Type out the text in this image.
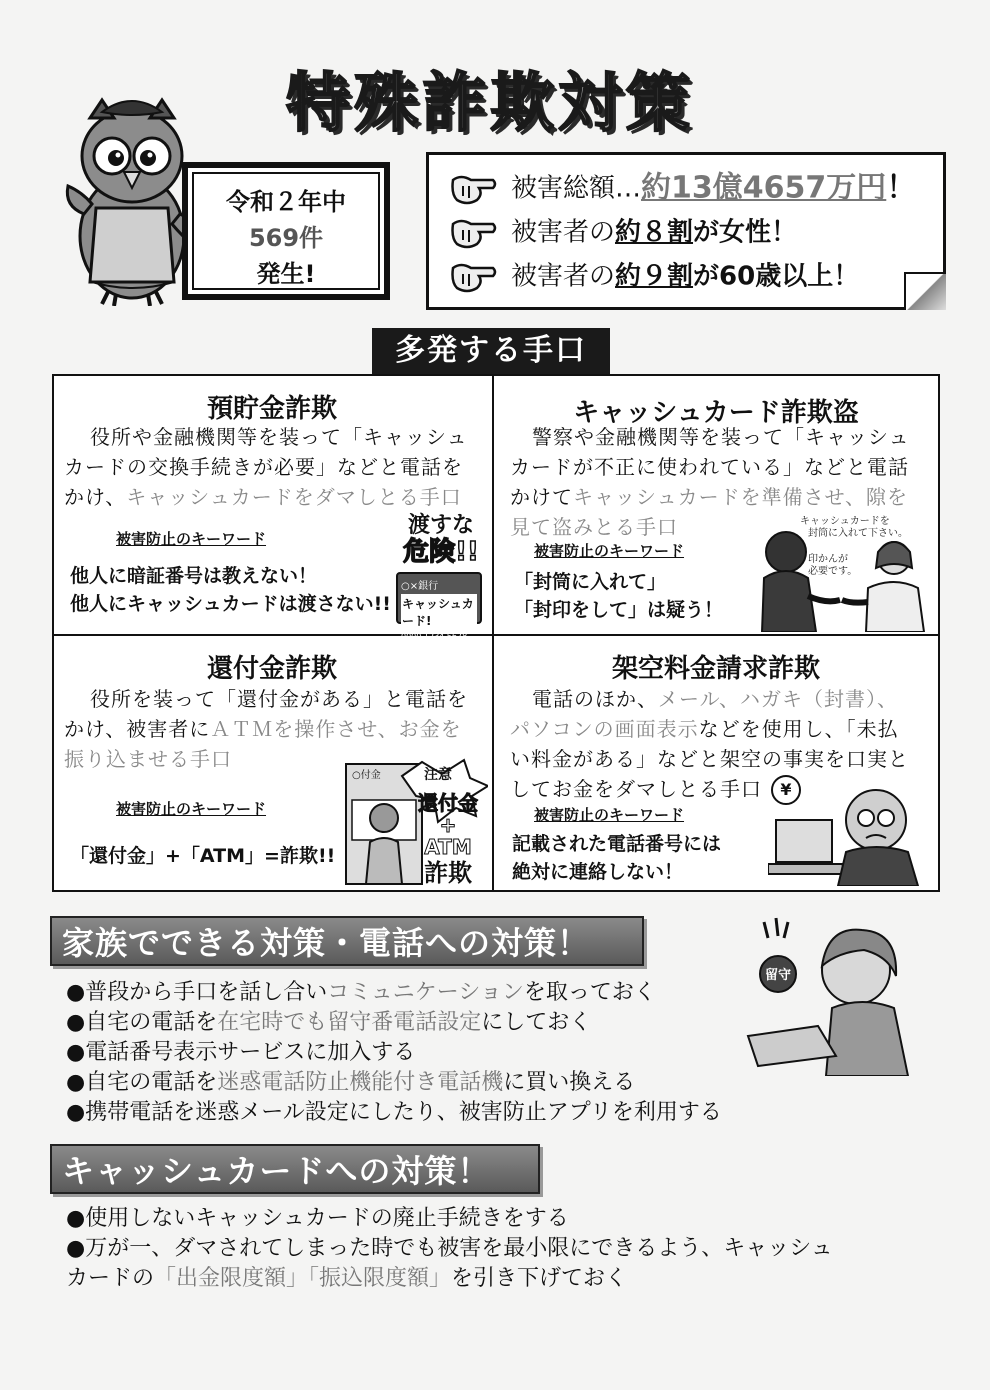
特殊詐欺対策
令和２年中
569件
発生!
被害総額…約13億4657万円！
被害者の約８割が女性！
被害者の約９割が60歳以上！
多発する手口
預貯金詐欺
役所や金融機関等を装って「キャッシュ
カードの交換手続きが必要」などと電話を
かけ、キャッシュカードをダマしとる手口
被害防止のキーワード
他人に暗証番号は教えない！
他人にキャッシュカードは渡さない!!
渡すな
危険!!
○×銀行
キャッシュカード!
0000 1234 5678
キャッシュカード詐欺盗
警察や金融機関等を装って「キャッシュ
カードが不正に使われている」などと電話
かけてキャッシュカードを準備させ、隙を
見て盗みとる手口
被害防止のキーワード
「封筒に入れて」
「封印をして」は疑う！
キャッシュカードを
封筒に入れて下さい。
印かんが
必要です。
還付金詐欺
役所を装って「還付金がある」と電話を
かけ、被害者にＡＴＭを操作させ、お金を
振り込ませる手口
被害防止のキーワード
「還付金」+「ATM」=詐欺!!
○付金	注意
還付金
+
ATM
詐欺
架空料金請求詐欺
電話のほか、メール、ハガキ（封書）、
パソコンの画面表示などを使用し、「未払
い料金がある」などと架空の事実を口実と
してお金をダマしとる手口
被害防止のキーワード
記載された電話番号には
絶対に連絡しない！
¥
家族でできる対策・電話への対策！
留守
●普段から手口を話し合いコミュニケーションを取っておく
●自宅の電話を在宅時でも留守番電話設定にしておく
●電話番号表示サービスに加入する
●自宅の電話を迷惑電話防止機能付き電話機に買い換える
●携帯電話を迷惑メール設定にしたり、被害防止アプリを利用する
キャッシュカードへの対策！
●使用しないキャッシュカードの廃止手続きをする
●万が一、ダマされてしまった時でも被害を最小限にできるよう、キャッシュ
カードの「出金限度額」「振込限度額」を引き下げておく
